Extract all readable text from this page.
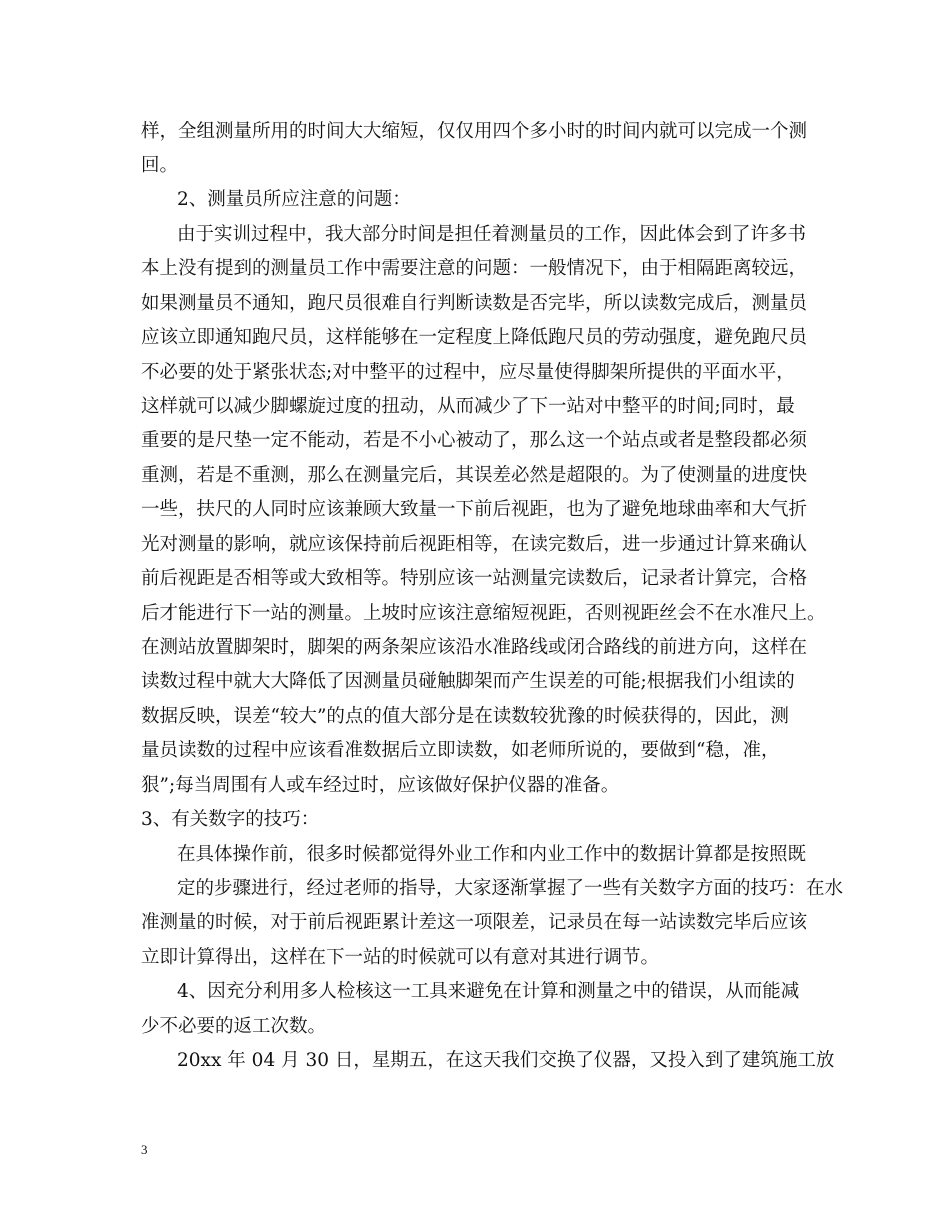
样，全组测量所用的时间大大缩短，仅仅用四个多小时的时间内就可以完成一个测
回。
2、测量员所应注意的问题：
由于实训过程中，我大部分时间是担任着测量员的工作，因此体会到了许多书
本上没有提到的测量员工作中需要注意的问题：一般情况下，由于相隔距离较远，
如果测量员不通知，跑尺员很难自行判断读数是否完毕，所以读数完成后，测量员
应该立即通知跑尺员，这样能够在一定程度上降低跑尺员的劳动强度，避免跑尺员
不必要的处于紧张状态;对中整平的过程中，应尽量使得脚架所提供的平面水平，
这样就可以减少脚螺旋过度的扭动，从而减少了下一站对中整平的时间;同时，最
重要的是尺垫一定不能动，若是不小心被动了，那么这一个站点或者是整段都必须
重测，若是不重测，那么在测量完后，其误差必然是超限的。为了使测量的进度快
一些，扶尺的人同时应该兼顾大致量一下前后视距，也为了避免地球曲率和大气折
光对测量的影响，就应该保持前后视距相等，在读完数后，进一步通过计算来确认
前后视距是否相等或大致相等。特别应该一站测量完读数后，记录者计算完，合格
后才能进行下一站的测量。上坡时应该注意缩短视距，否则视距丝会不在水准尺上。
在测站放置脚架时，脚架的两条架应该沿水准路线或闭合路线的前进方向，这样在
读数过程中就大大降低了因测量员碰触脚架而产生误差的可能;根据我们小组读的
数据反映，误差“较大”的点的值大部分是在读数较犹豫的时候获得的，因此，测
量员读数的过程中应该看准数据后立即读数，如老师所说的，要做到“稳，准，
狠”;每当周围有人或车经过时，应该做好保护仪器的准备。
3、有关数字的技巧：
在具体操作前，很多时候都觉得外业工作和内业工作中的数据计算都是按照既
定的步骤进行，经过老师的指导，大家逐渐掌握了一些有关数字方面的技巧：在水
准测量的时候，对于前后视距累计差这一项限差，记录员在每一站读数完毕后应该
立即计算得出，这样在下一站的时候就可以有意对其进行调节。
4、因充分利用多人检核这一工具来避免在计算和测量之中的错误，从而能减
少不必要的返工次数。
20xx 年 04 月 30 日，星期五，在这天我们交换了仪器，又投入到了建筑施工放
3
